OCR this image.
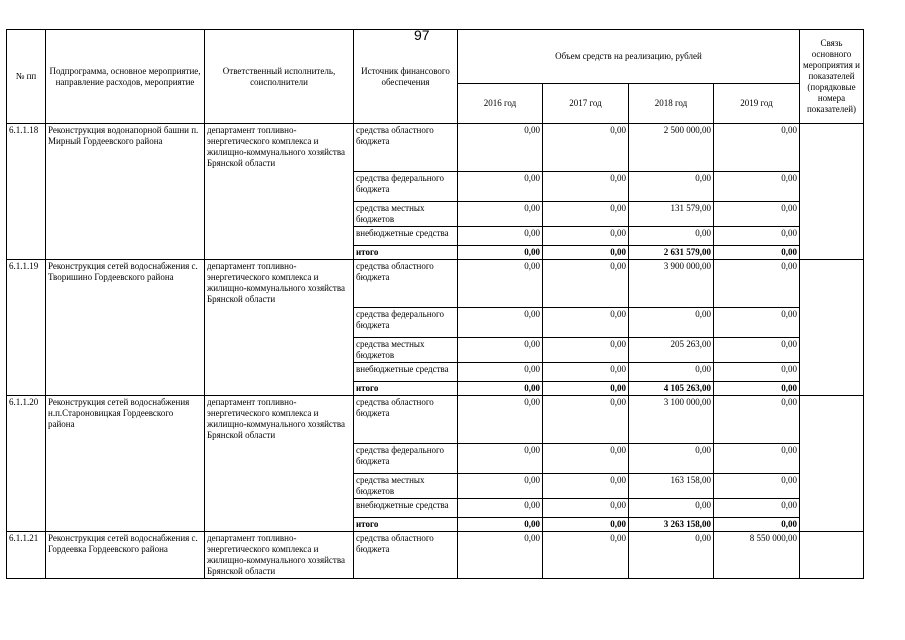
97
№ пп	Подпрограмма, основное мероприятие, направление расходов, мероприятие	Ответственный исполнитель, соисполнители	Источник финансового обеспечения	Объем средств на реализацию, рублей				Связь основного мероприятия и показателей (порядковые номера показателей)
				2016 год	2017 год	2018 год	2019 год	
6.1.1.18	Реконструкция водонапорной башни п. Мирный Гордеевского района	департамент топливно-энергетического комплекса и жилищно-коммунального хозяйства Брянской области	средства областного бюджета	0,00	0,00	2 500 000,00	0,00	
			средства федерального бюджета	0,00	0,00	0,00	0,00	
			средства местных бюджетов	0,00	0,00	131 579,00	0,00	
			внебюджетные средства	0,00	0,00	0,00	0,00	
			итого	0,00	0,00	2 631 579,00	0,00	
6.1.1.19	Реконструкция сетей водоснабжения с. Творишино Гордеевского района	департамент топливно-энергетического комплекса и жилищно-коммунального хозяйства Брянской области	средства областного бюджета	0,00	0,00	3 900 000,00	0,00	
			средства федерального бюджета	0,00	0,00	0,00	0,00	
			средства местных бюджетов	0,00	0,00	205 263,00	0,00	
			внебюджетные средства	0,00	0,00	0,00	0,00	
			итого	0,00	0,00	4 105 263,00	0,00	
6.1.1.20	Реконструкция сетей водоснабжения н.п.Староновицкая Гордеевского района	департамент топливно-энергетического комплекса и жилищно-коммунального хозяйства Брянской области	средства областного бюджета	0,00	0,00	3 100 000,00	0,00	
			средства федерального бюджета	0,00	0,00	0,00	0,00	
			средства местных бюджетов	0,00	0,00	163 158,00	0,00	
			внебюджетные средства	0,00	0,00	0,00	0,00	
			итого	0,00	0,00	3 263 158,00	0,00	
6.1.1.21	Реконструкция сетей водоснабжения с. Гордеевка Гордеевского района	департамент топливно-энергетического комплекса и жилищно-коммунального хозяйства Брянской области	средства областного бюджета	0,00	0,00	0,00	8 550 000,00	
